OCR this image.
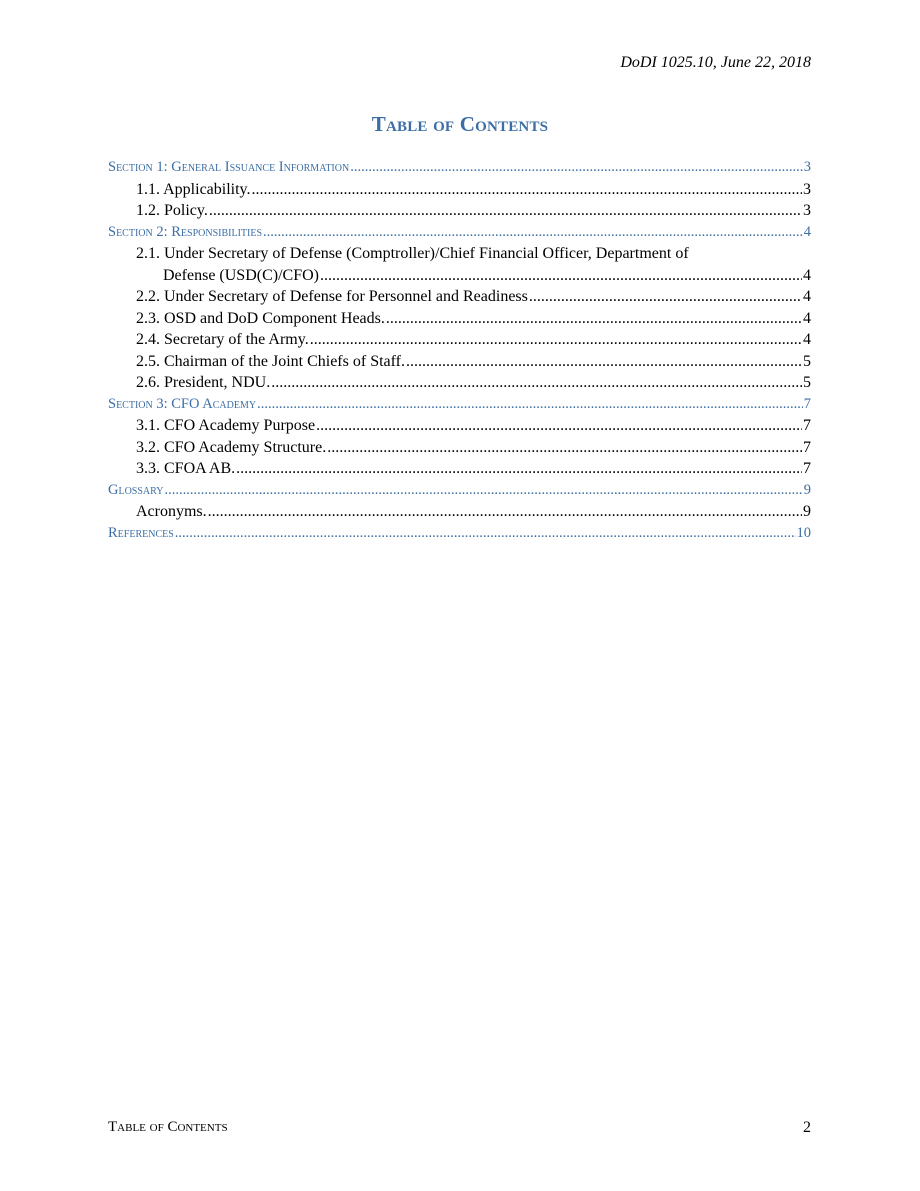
DoDI 1025.10, June 22, 2018
Table of Contents
Section 1: General Issuance Information .....	3
1.1. Applicability. .....	3
1.2. Policy. .....	3
Section 2: Responsibilities .....	4
2.1. Under Secretary of Defense (Comptroller)/Chief Financial Officer, Department of
Defense (USD(C)/CFO) .....	4
2.2. Under Secretary of Defense for Personnel and Readiness .....	4
2.3. OSD and DoD Component Heads. .....	4
2.4. Secretary of the Army. .....	4
2.5. Chairman of the Joint Chiefs of Staff. .....	5
2.6. President, NDU. .....	5
Section 3: CFO Academy .....	7
3.1. CFO Academy Purpose .....	7
3.2. CFO Academy Structure. .....	7
3.3. CFOA AB. .....	7
Glossary .....	9
Acronyms. .....	9
References .....	10
Table of Contents	2
